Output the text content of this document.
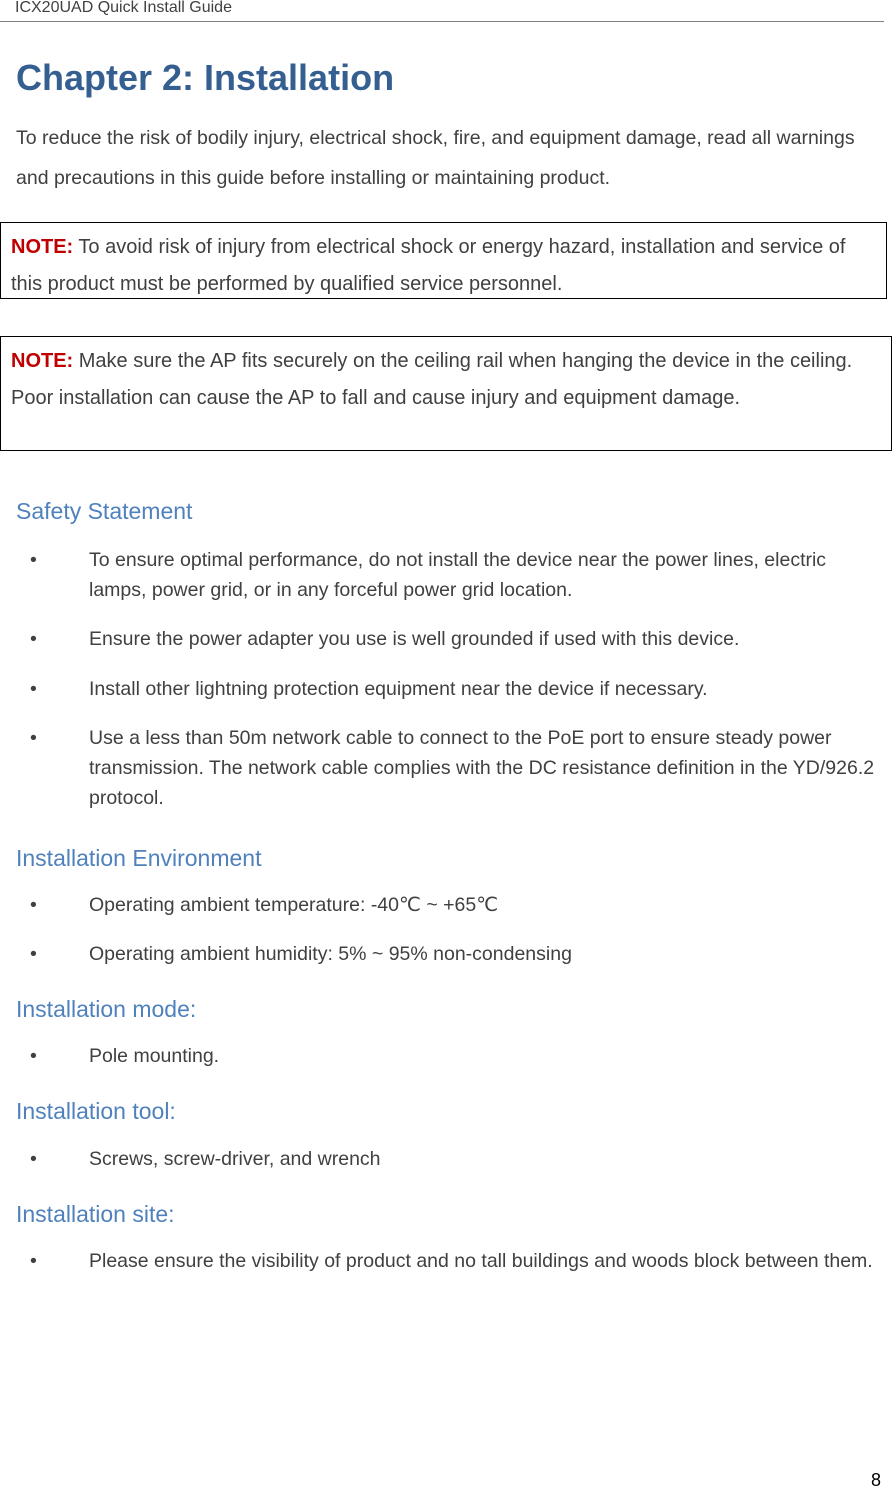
ICX20UAD Quick Install Guide
Chapter 2: Installation

To reduce the risk of bodily injury, electrical shock, fire, and equipment damage, read all warnings and precautions in this guide before installing or maintaining product.

NOTE: To avoid risk of injury from electrical shock or energy hazard, installation and service of this product must be performed by qualified service personnel.
NOTE: Make sure the AP fits securely on the ceiling rail when hanging the device in the ceiling. Poor installation can cause the AP to fall and cause injury and equipment damage.
Safety Statement
•	To ensure optimal performance, do not install the device near the power lines, electric lamps, power grid, or in any forceful power grid location.
•	Ensure the power adapter you use is well grounded if used with this device.
•	Install other lightning protection equipment near the device if necessary.
•	Use a less than 50m network cable to connect to the PoE port to ensure steady power transmission. The network cable complies with the DC resistance definition in the YD/926.2 protocol.
Installation Environment
•	Operating ambient temperature: -40℃ ~ +65℃
•	Operating ambient humidity: 5% ~ 95% non-condensing
Installation mode:
•	Pole mounting.
Installation tool:
•	Screws, screw-driver, and wrench
Installation site:
•	Please ensure the visibility of product and no tall buildings and woods block between them.
8
